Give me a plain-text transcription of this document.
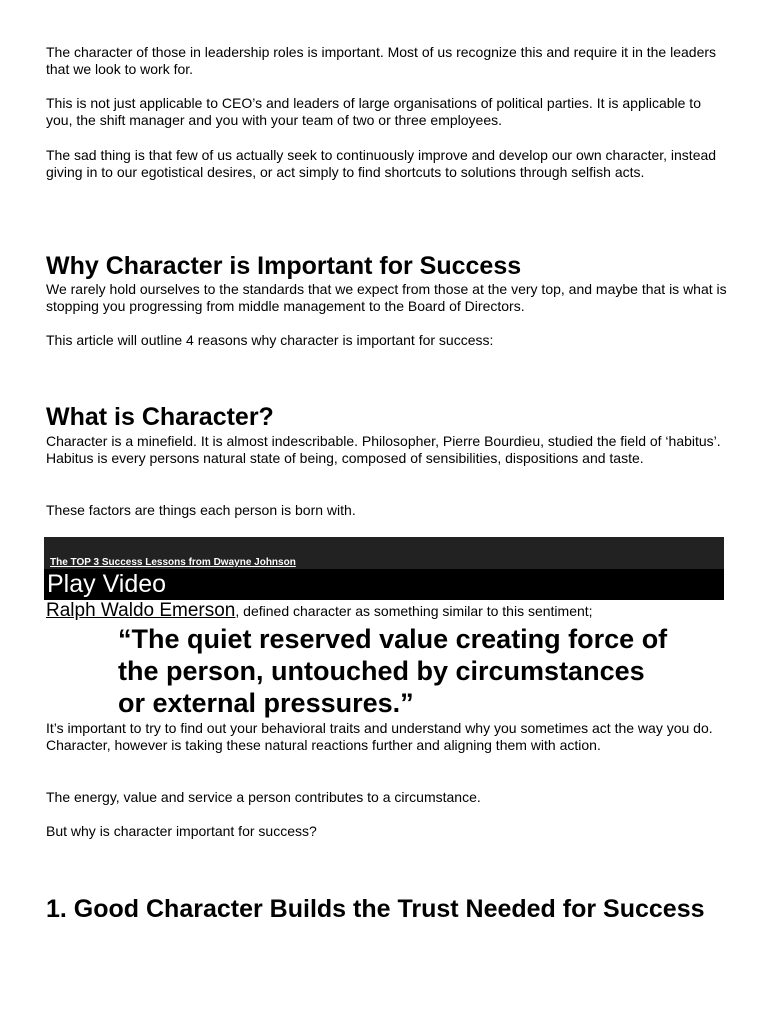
The character of those in leadership roles is important. Most of us recognize this and require it in the leaders that we look to work for.

This is not just applicable to CEO’s and leaders of large organisations of political parties. It is applicable to you, the shift manager and you with your team of two or three employees.

The sad thing is that few of us actually seek to continuously improve and develop our own character, instead giving in to our egotistical desires, or act simply to find shortcuts to solutions through selfish acts.

Why Character is Important for Success

We rarely hold ourselves to the standards that we expect from those at the very top, and maybe that is what is stopping you progressing from middle management to the Board of Directors.

This article will outline 4 reasons why character is important for success:

What is Character?

Character is a minefield. It is almost indescribable. Philosopher, Pierre Bourdieu, studied the field of ‘habitus’. Habitus is every persons natural state of being, composed of sensibilities, dispositions and taste.

These factors are things each person is born with.

The TOP 3 Success Lessons from Dwayne Johnson
Play Video
Ralph Waldo Emerson, defined character as something similar to this sentiment;

“The quiet reserved value creating force of the person, untouched by circumstances or external pressures.”

It’s important to try to find out your behavioral traits and understand why you sometimes act the way you do. Character, however is taking these natural reactions further and aligning them with action.

The energy, value and service a person contributes to a circumstance.

But why is character important for success?

1. Good Character Builds the Trust Needed for Success
